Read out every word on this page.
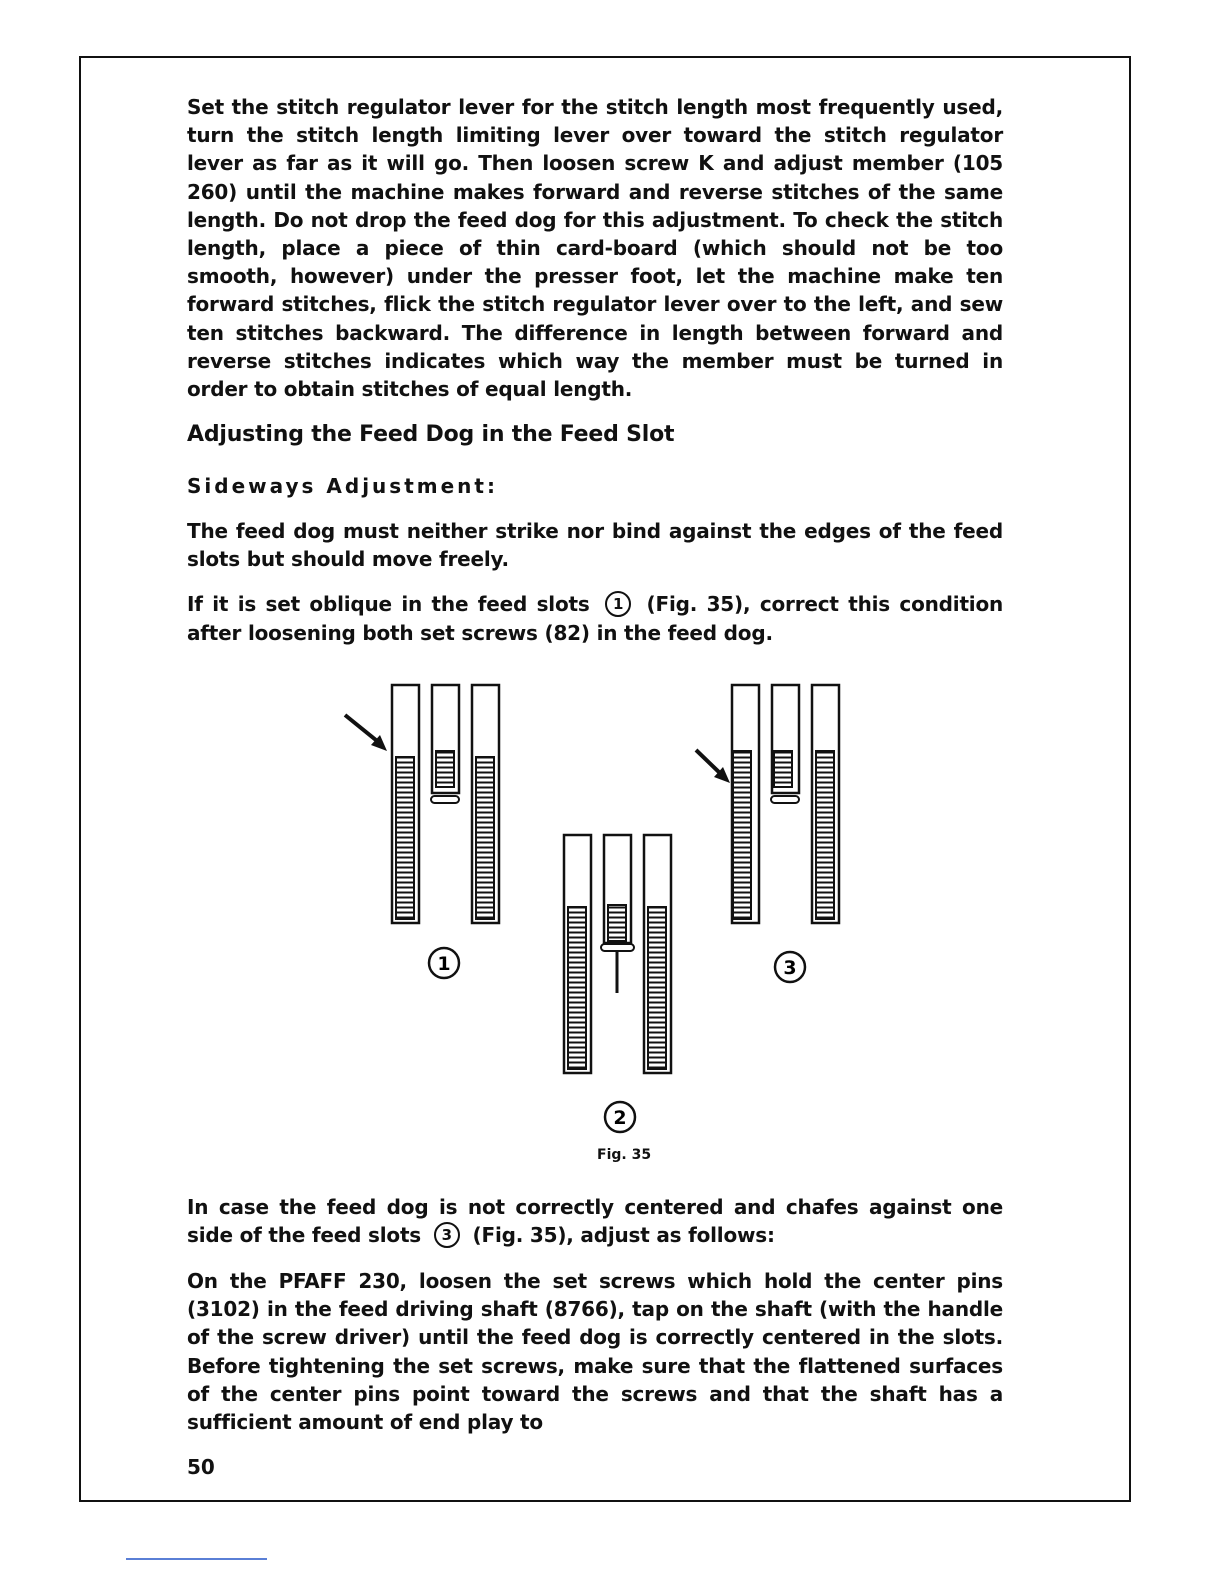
Set the stitch regulator lever for the stitch length most frequently used, turn the stitch length limiting lever over toward the stitch regulator lever as far as it will go. Then loosen screw K and adjust member (105 260) until the machine makes forward and reverse stitches of the same length. Do not drop the feed dog for this adjustment. To check the stitch length, place a piece of thin card-board (which should not be too smooth, however) under the presser foot, let the machine make ten forward stitches, flick the stitch regulator lever over to the left, and sew ten stitches backward. The difference in length between forward and reverse stitches indicates which way the member must be turned in order to obtain stitches of equal length.

Adjusting the Feed Dog in the Feed Slot
Sideways Adjustment:

The feed dog must neither strike nor bind against the edges of the feed slots but should move freely.

If it is set oblique in the feed slots 1 (Fig. 35), correct this condition after loosening both set screws (82) in the feed dog.

1
2
3
Fig. 35

In case the feed dog is not correctly centered and chafes against one side of the feed slots 3 (Fig. 35), adjust as follows:

On the PFAFF 230, loosen the set screws which hold the center pins (3102) in the feed driving shaft (8766), tap on the shaft (with the handle of the screw driver) until the feed dog is correctly centered in the slots. Before tightening the set screws, make sure that the flattened surfaces of the center pins point toward the screws and that the shaft has a sufficient amount of end play to

50
